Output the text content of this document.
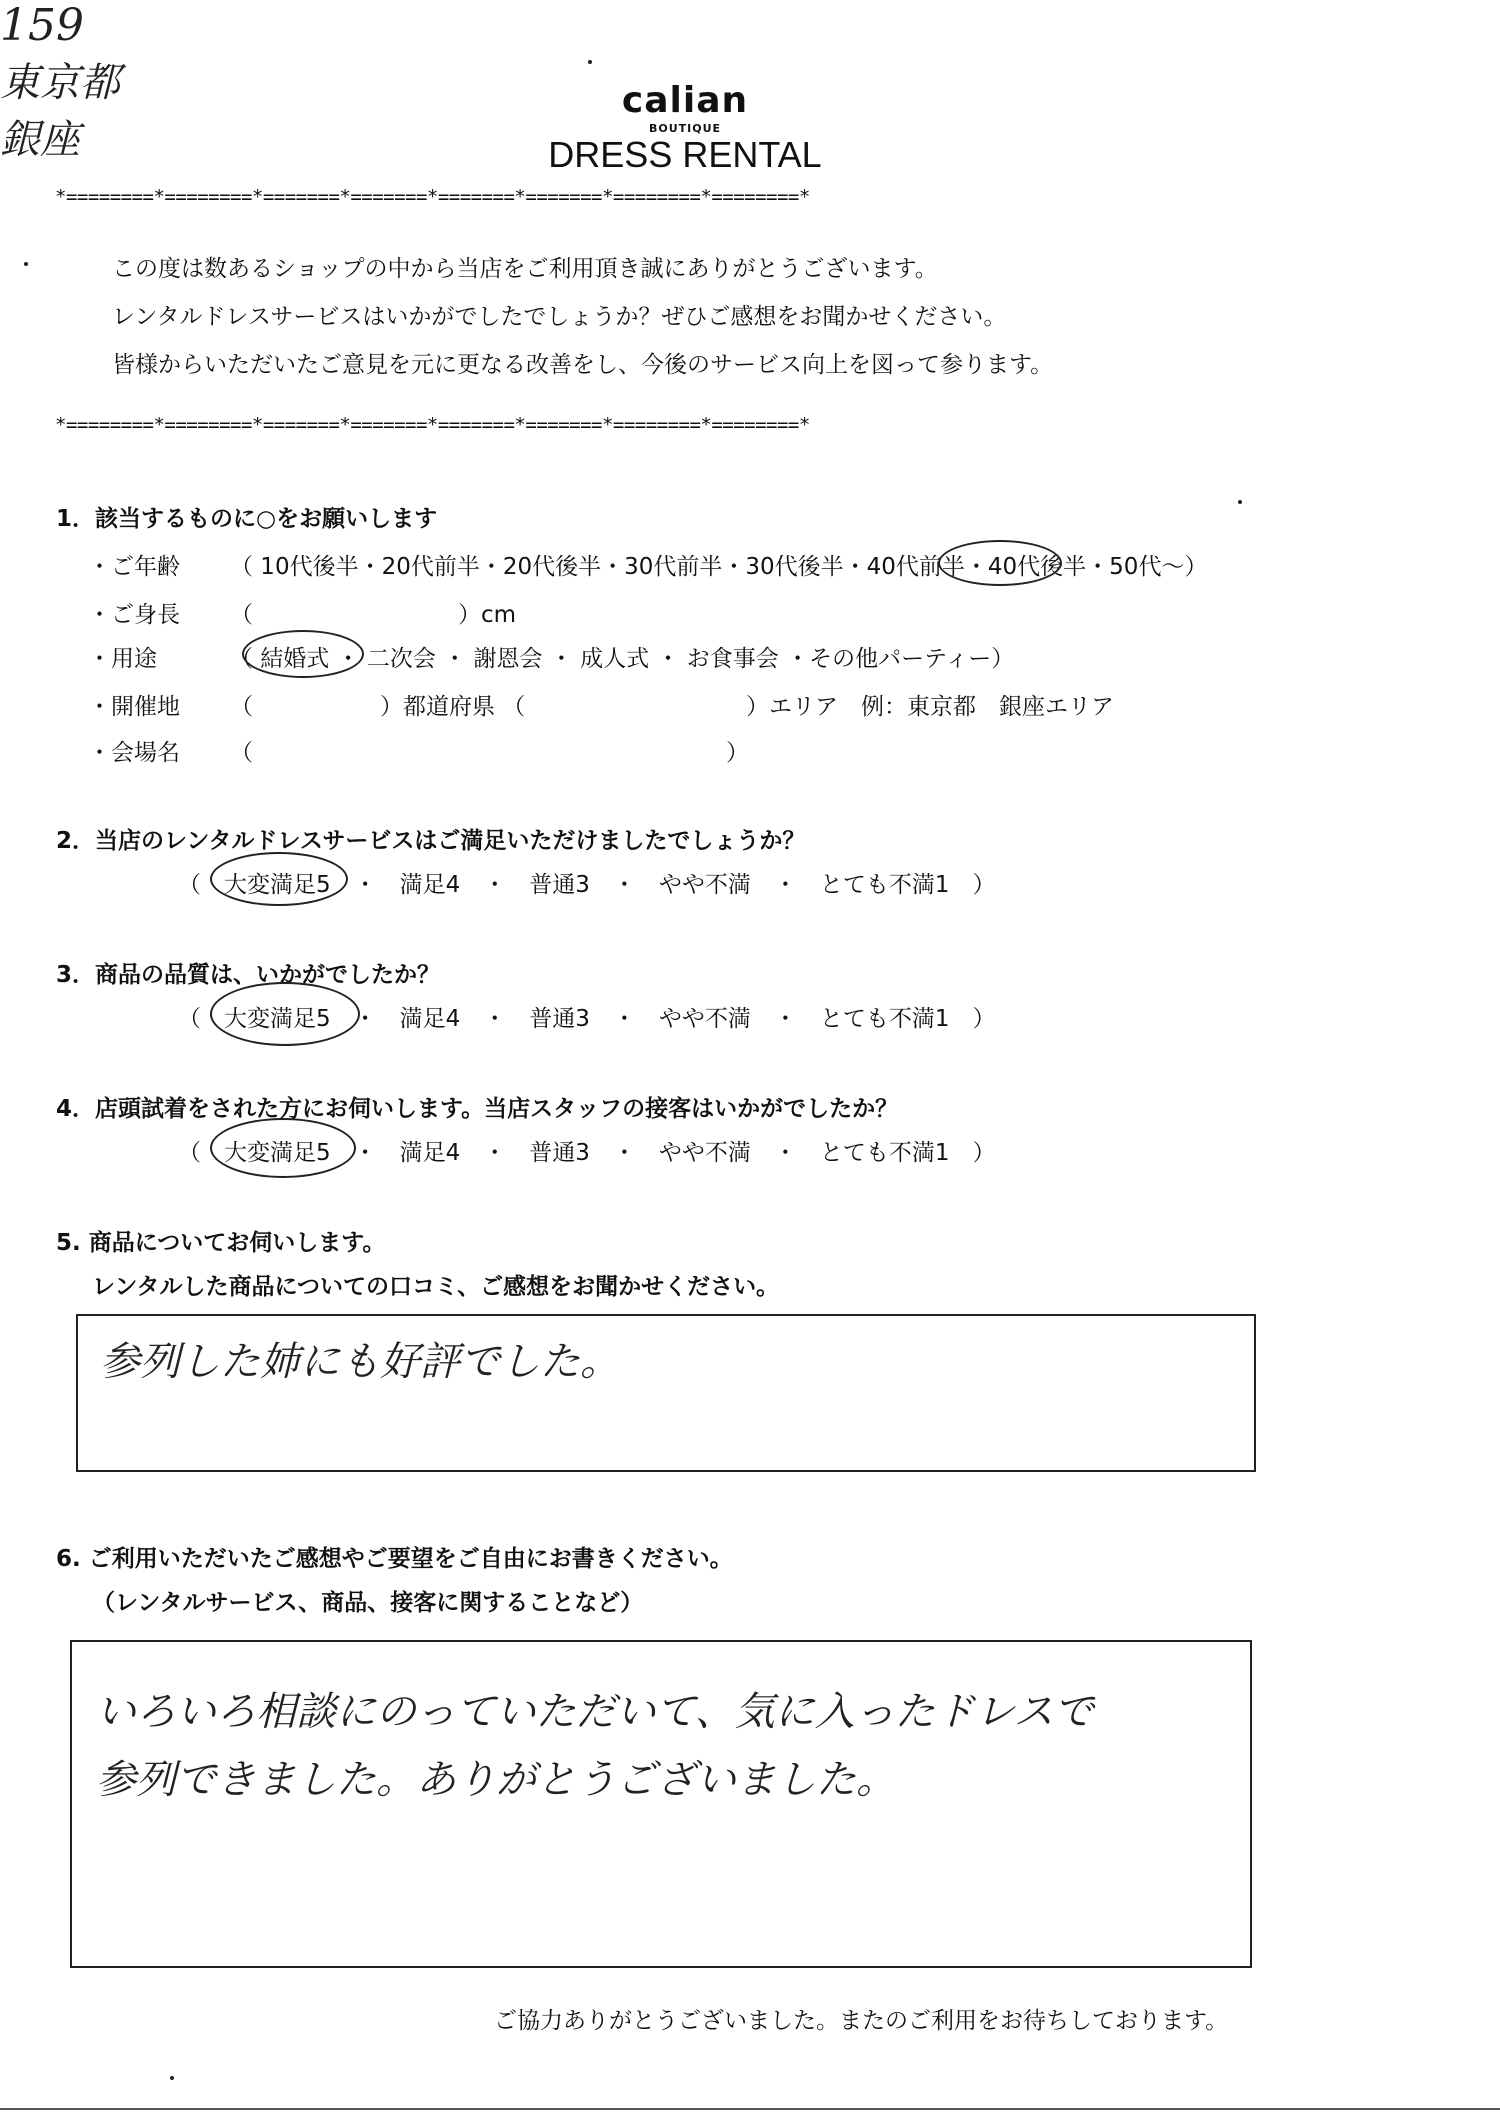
calian
BOUTIQUE
DRESS RENTAL
*========*========*=======*=======*=======*=======*========*========*
この度は数あるショップの中から当店をご利用頂き誠にありがとうございます。
レンタルドレスサービスはいかがでしたでしょうか？ぜひご感想をお聞かせください。
皆様からいただいたご意見を元に更なる改善をし、今後のサービス向上を図って参ります。
*========*========*=======*=======*=======*=======*========*========*
1．該当するものに○をお願いします
・ご年齢 （ 10代後半・20代前半・20代後半・30代前半・30代後半・40代前半・40代後半・50代～）
・ご身長 （
159
）cm
・用途	（ 結婚式 ・ 二次会 ・ 謝恩会 ・ 成人式 ・ お食事会 ・その他パーティー）
・開催地 （
東京都
）都道府県 （
銀座
）エリア　例：東京都　銀座エリア
・会場名 （	）
2．当店のレンタルドレスサービスはご満足いただけましたでしょうか？
（　大変満足5　・　満足4　・　普通3　・　やや不満　・　とても不満1　）
3．商品の品質は、いかがでしたか？
（　大変満足5　・　満足4　・　普通3　・　やや不満　・　とても不満1　）
4．店頭試着をされた方にお伺いします。当店スタッフの接客はいかがでしたか？
（　大変満足5　・　満足4　・　普通3　・　やや不満　・　とても不満1　）
5. 商品についてお伺いします。
レンタルした商品についての口コミ、ご感想をお聞かせください。
参列した姉にも好評でした。
6. ご利用いただいたご感想やご要望をご自由にお書きください。
（レンタルサービス、商品、接客に関することなど）
いろいろ相談にのっていただいて、気に入ったドレスで
参列できました。ありがとうございました。
ご協力ありがとうございました。またのご利用をお待ちしております。
